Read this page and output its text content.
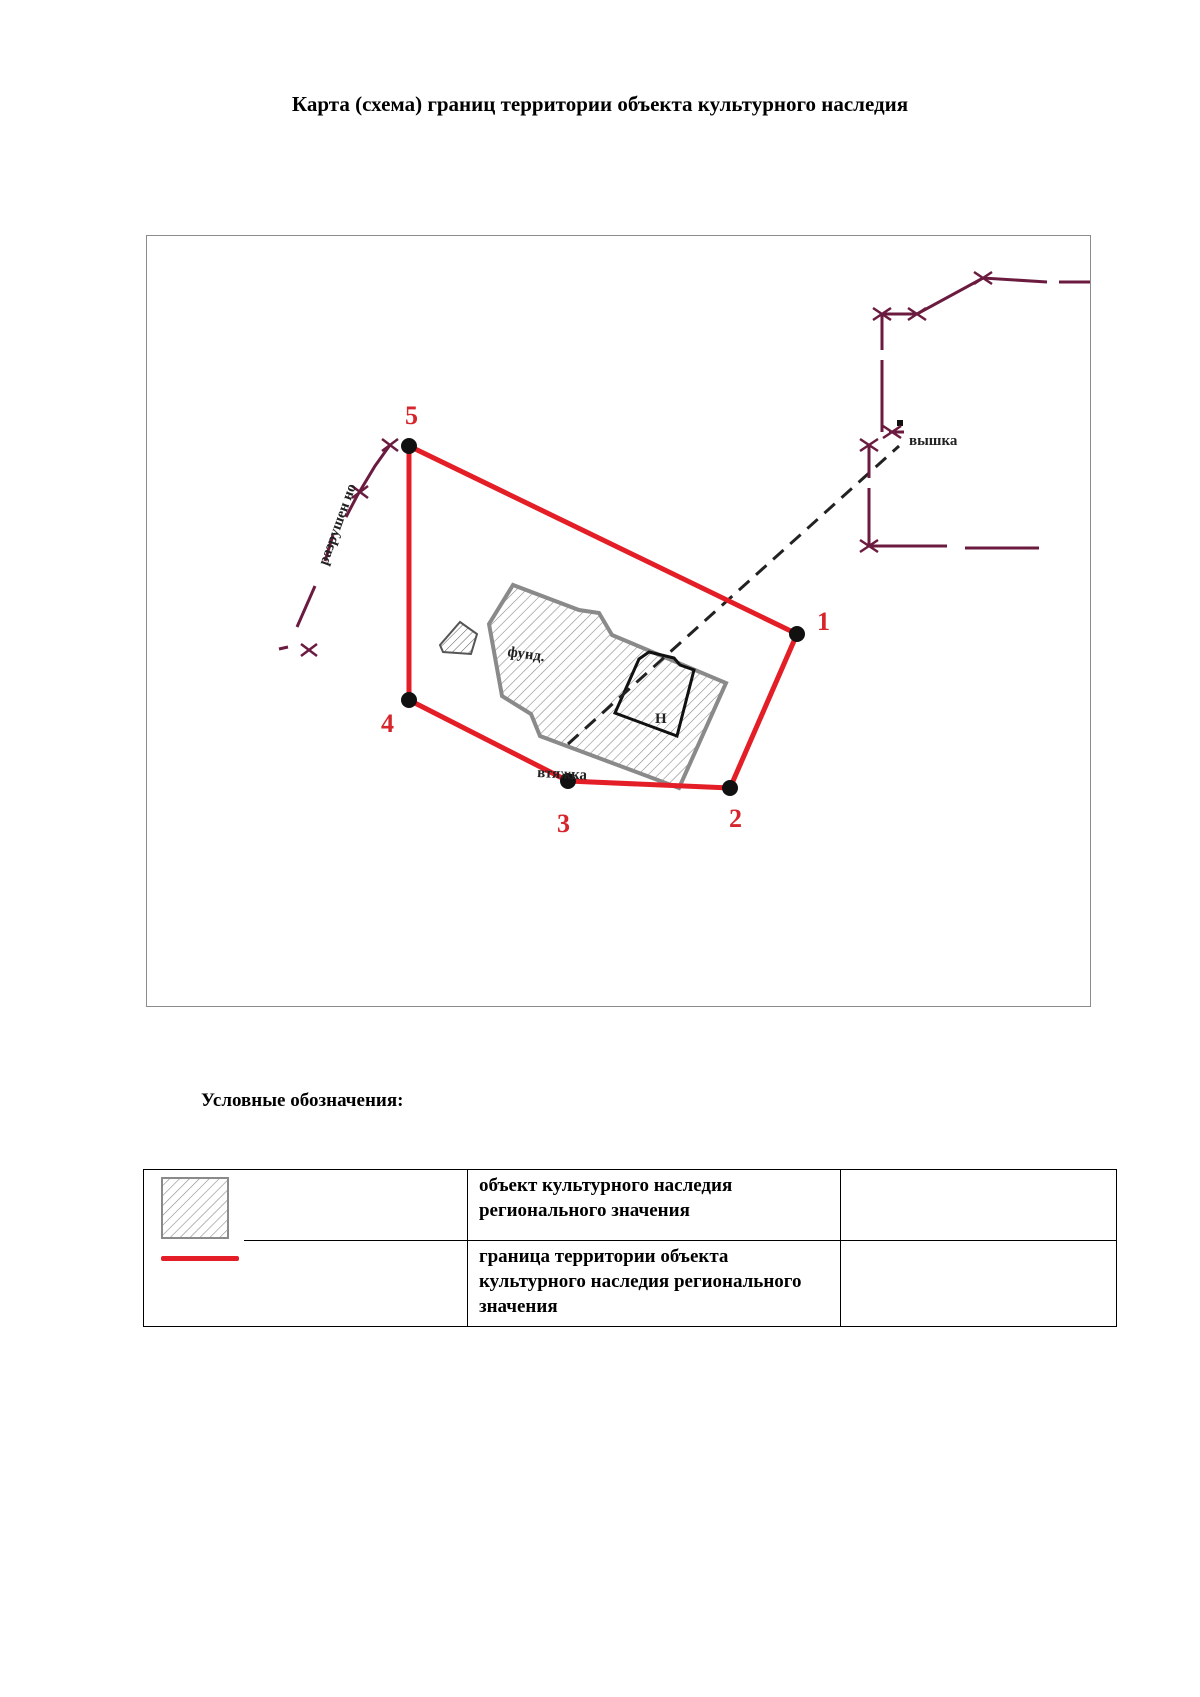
Карта (схема) границ территории объекта культурного наследия
1
2
3
4
5
фунд.
Н
вышка
втяжка
разрушен но
Условные обозначения:
	объект культурного наследия регионального значения	

	граница территории объекта культурного наследия регионального значения	
